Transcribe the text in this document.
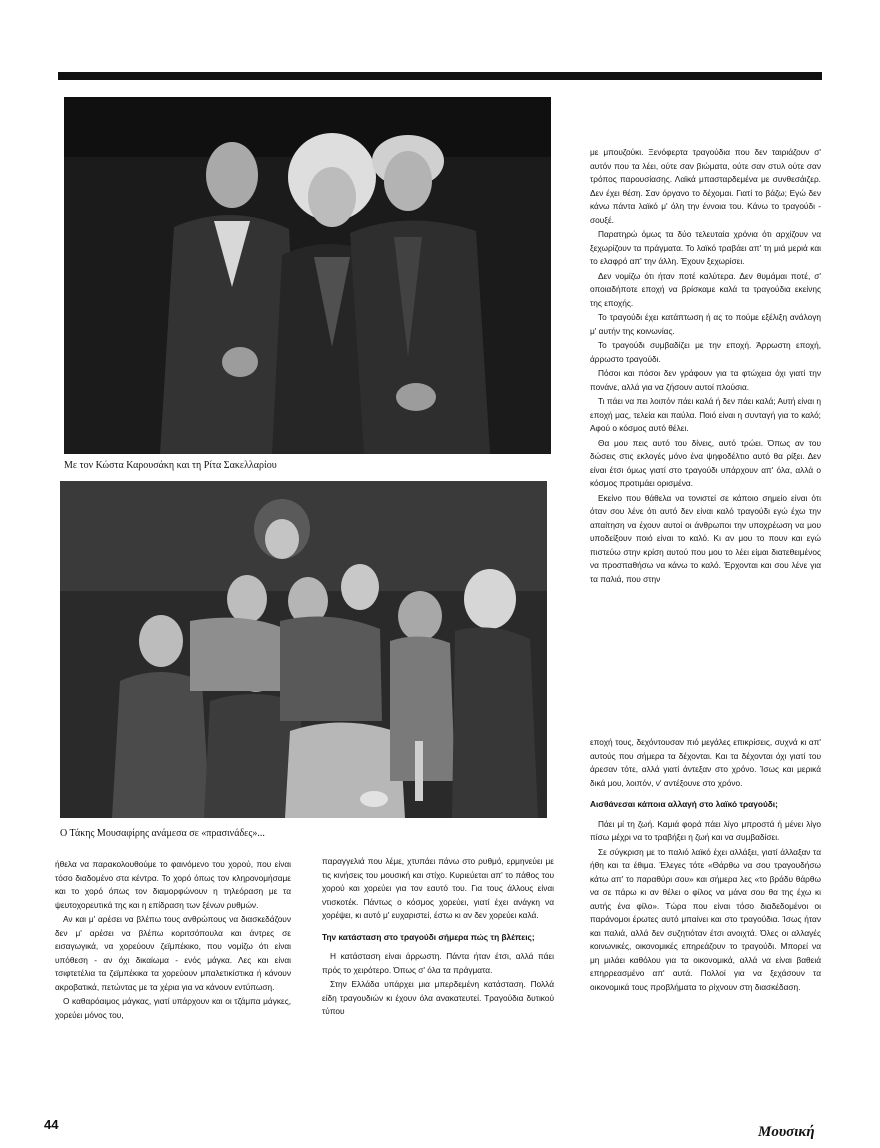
Με τον Κώστα Καρουσάκη και τη Ρίτα Σακελλαρίου
Ο Τάκης Μουσαφίρης ανάμεσα σε «πρασινάδες»...

με μπουζούκι. Ξενόφερτα τραγούδια που δεν ταιριάζουν σ' αυτόν που τα λέει, ούτε σαν βιώματα, ούτε σαν στυλ ούτε σαν τρόπος παρουσίασης. Λαϊκά μπασταρδεμένα με συνθεσάιζερ. Δεν έχει θέση. Σαν όργανο το δέχομαι. Γιατί το βάζω; Εγώ δεν κάνω πάντα λαϊκό μ' όλη την έννοια του. Κάνω το τραγούδι - σουξέ.

Παρατηρώ όμως τα δύο τελευταία χρόνια ότι αρχίζουν να ξεχωρίζουν τα πράγματα. Το λαϊκό τραβάει απ' τη μιά μεριά και το ελαφρό απ' την άλλη. Έχουν ξεχωρίσει.

Δεν νομίζω ότι ήταν ποτέ καλύτερα. Δεν θυμάμαι ποτέ, σ' οποιαδήποτε εποχή να βρίσκαμε καλά τα τραγούδια εκείνης της εποχής.

Το τραγούδι έχει κατάπτωση ή ας το πούμε εξέλιξη ανάλογη μ' αυτήν της κοινωνίας.

Το τραγούδι συμβαδίζει με την εποχή. Άρρωστη εποχή, άρρωστο τραγούδι.

Πόσοι και πόσοι δεν γράφουν για τα φτώχεια όχι γιατί την πονάνε, αλλά για να ζήσουν αυτοί πλούσια.

Τι πάει να πει λοιπόν πάει καλά ή δεν πάει καλά; Αυτή είναι η εποχή μας, τελεία και παύλα. Ποιό είναι η συνταγή για το καλό; Αφού ο κόσμος αυτό θέλει.

Θα μου πεις αυτό του δίνεις, αυτό τρώει. Όπως αν του δώσεις στις εκλογές μόνο ένα ψηφοδέλτιο αυτό θα ρίξει. Δεν είναι έτσι όμως γιατί στο τραγούδι υπάρχουν απ' όλα, αλλά ο κόσμος προτιμάει ορισμένα.

Εκείνο που θάθελα να τονιστεί σε κάποιο σημείο είναι ότι όταν σου λένε ότι αυτό δεν είναι καλό τραγούδι εγώ έχω την απαίτηση να έχουν αυτοί οι άνθρωποι την υποχρέωση να μου υποδείξουν ποιό είναι το καλό. Κι αν μου το πουν και εγώ πιστεύω στην κρίση αυτού που μου το λέει είμαι διατεθειμένος να προσπαθήσω να κάνω το καλό. Έρχονται και σου λένε για τα παλιά, που στην

εποχή τους, δεχόντουσαν πιό μεγάλες επικρίσεις, συχνά κι απ' αυτούς που σήμερα τα δέχονται. Και τα δέχονται όχι γιατί του άρεσαν τότε, αλλά γιατί άντεξαν στο χρόνο. Ίσως και μερικά δικά μου, λοιπόν, ν' αντέξουνε στο χρόνο.

Αισθάνεσαι κάποια αλλαγή στο λαϊκό τραγούδι;

Πάει μί τη ζωή. Καμιά φορά πάει λίγο μπροστά ή μένει λίγο πίσω μέχρι να το τραβήξει η ζωή και να συμβαδίσει.

Σε σύγκριση με το παλιό λαϊκό έχει αλλάξει, γιατί άλλαξαν τα ήθη και τα έθιμα. Έλεγες τότε «Θάρθω να σου τραγουδήσω κάτω απ' το παραθύρι σου» και σήμερα λες «το βράδυ θάρθω να σε πάρω κι αν θέλει ο φίλος να μάνα σου θα της έχω κι αυτής ένα φίλο». Τώρα που είναι τόσο διαδεδομένοι οι παράνομοι έρωτες αυτό μπαίνει και στο τραγούδια. Ίσως ήταν και παλιά, αλλά δεν συζητιόταν έτσι ανοιχτά. Όλες οι αλλαγές κοινωνικές, οικονομικές επηρεάζουν το τραγούδι. Μπορεί να μη μιλάει καθόλου για τα οικονομικά, αλλά να είναι βαθειά επηρρεασμένο απ' αυτά. Πολλοί για να ξεχάσουν τα οικονομικά τους προβλήματα το ρίχνουν στη διασκέδαση.

ήθελα να παρακολουθούμε το φαινόμενο του χορού, που είναι τόσο διαδομένο στα κέντρα. Το χορό όπως τον κληρονομήσαμε και το χορό όπως τον διαμορφώνουν η τηλεόραση με τα ψευτοχορευτικά της και η επίδραση των ξένων ρυθμών.

Αν και μ' αρέσει να βλέπω τους ανθρώπους να διασκεδάζουν δεν μ' αρέσει να βλέπω κοριτσόπουλα και άντρες σε εισαγωγικά, να χορεύουν ζεϊμπέκικο, που νομίζω ότι είναι υπόθεση - αν όχι δικαίωμα - ενός μάγκα. Λες και είναι τσιφτετέλια τα ζεϊμπέκικα τα χορεύουν μπαλετικίστικα ή κάνουν ακροβατικά, πετώντας με τα χέρια για να κάνουν εντύπωση.

Ο καθαρόαιμος μάγκας, γιατί υπάρχουν και οι τζάμπα μάγκες, χορεύει μόνος του,

παραγγελιά που λέμε, χτυπάει πάνω στο ρυθμό, ερμηνεύει με τις κινήσεις του μουσική και στίχο. Κυριεύεται απ' το πάθος του χορού και χορεύει για τον εαυτό του. Για τους άλλους είναι ντισκοτέκ. Πάντως ο κόσμος χορεύει, γιατί έχει ανάγκη να χορέψει, κι αυτό μ' ευχαριστεί, έστω κι αν δεν χορεύει καλά.

Την κατάσταση στο τραγούδι σήμερα πώς τη βλέπεις;

Η κατάσταση είναι άρρωστη. Πάντα ήταν έτσι, αλλά πάει πρός το χειρότερο. Όπως σ' όλα τα πράγματα.

Στην Ελλάδα υπάρχει μια μπερδεμένη κατάσταση. Πολλά είδη τραγουδιών κι έχουν όλα ανακατευτεί. Τραγούδια δυτικού τύπου

44	Μουσική
